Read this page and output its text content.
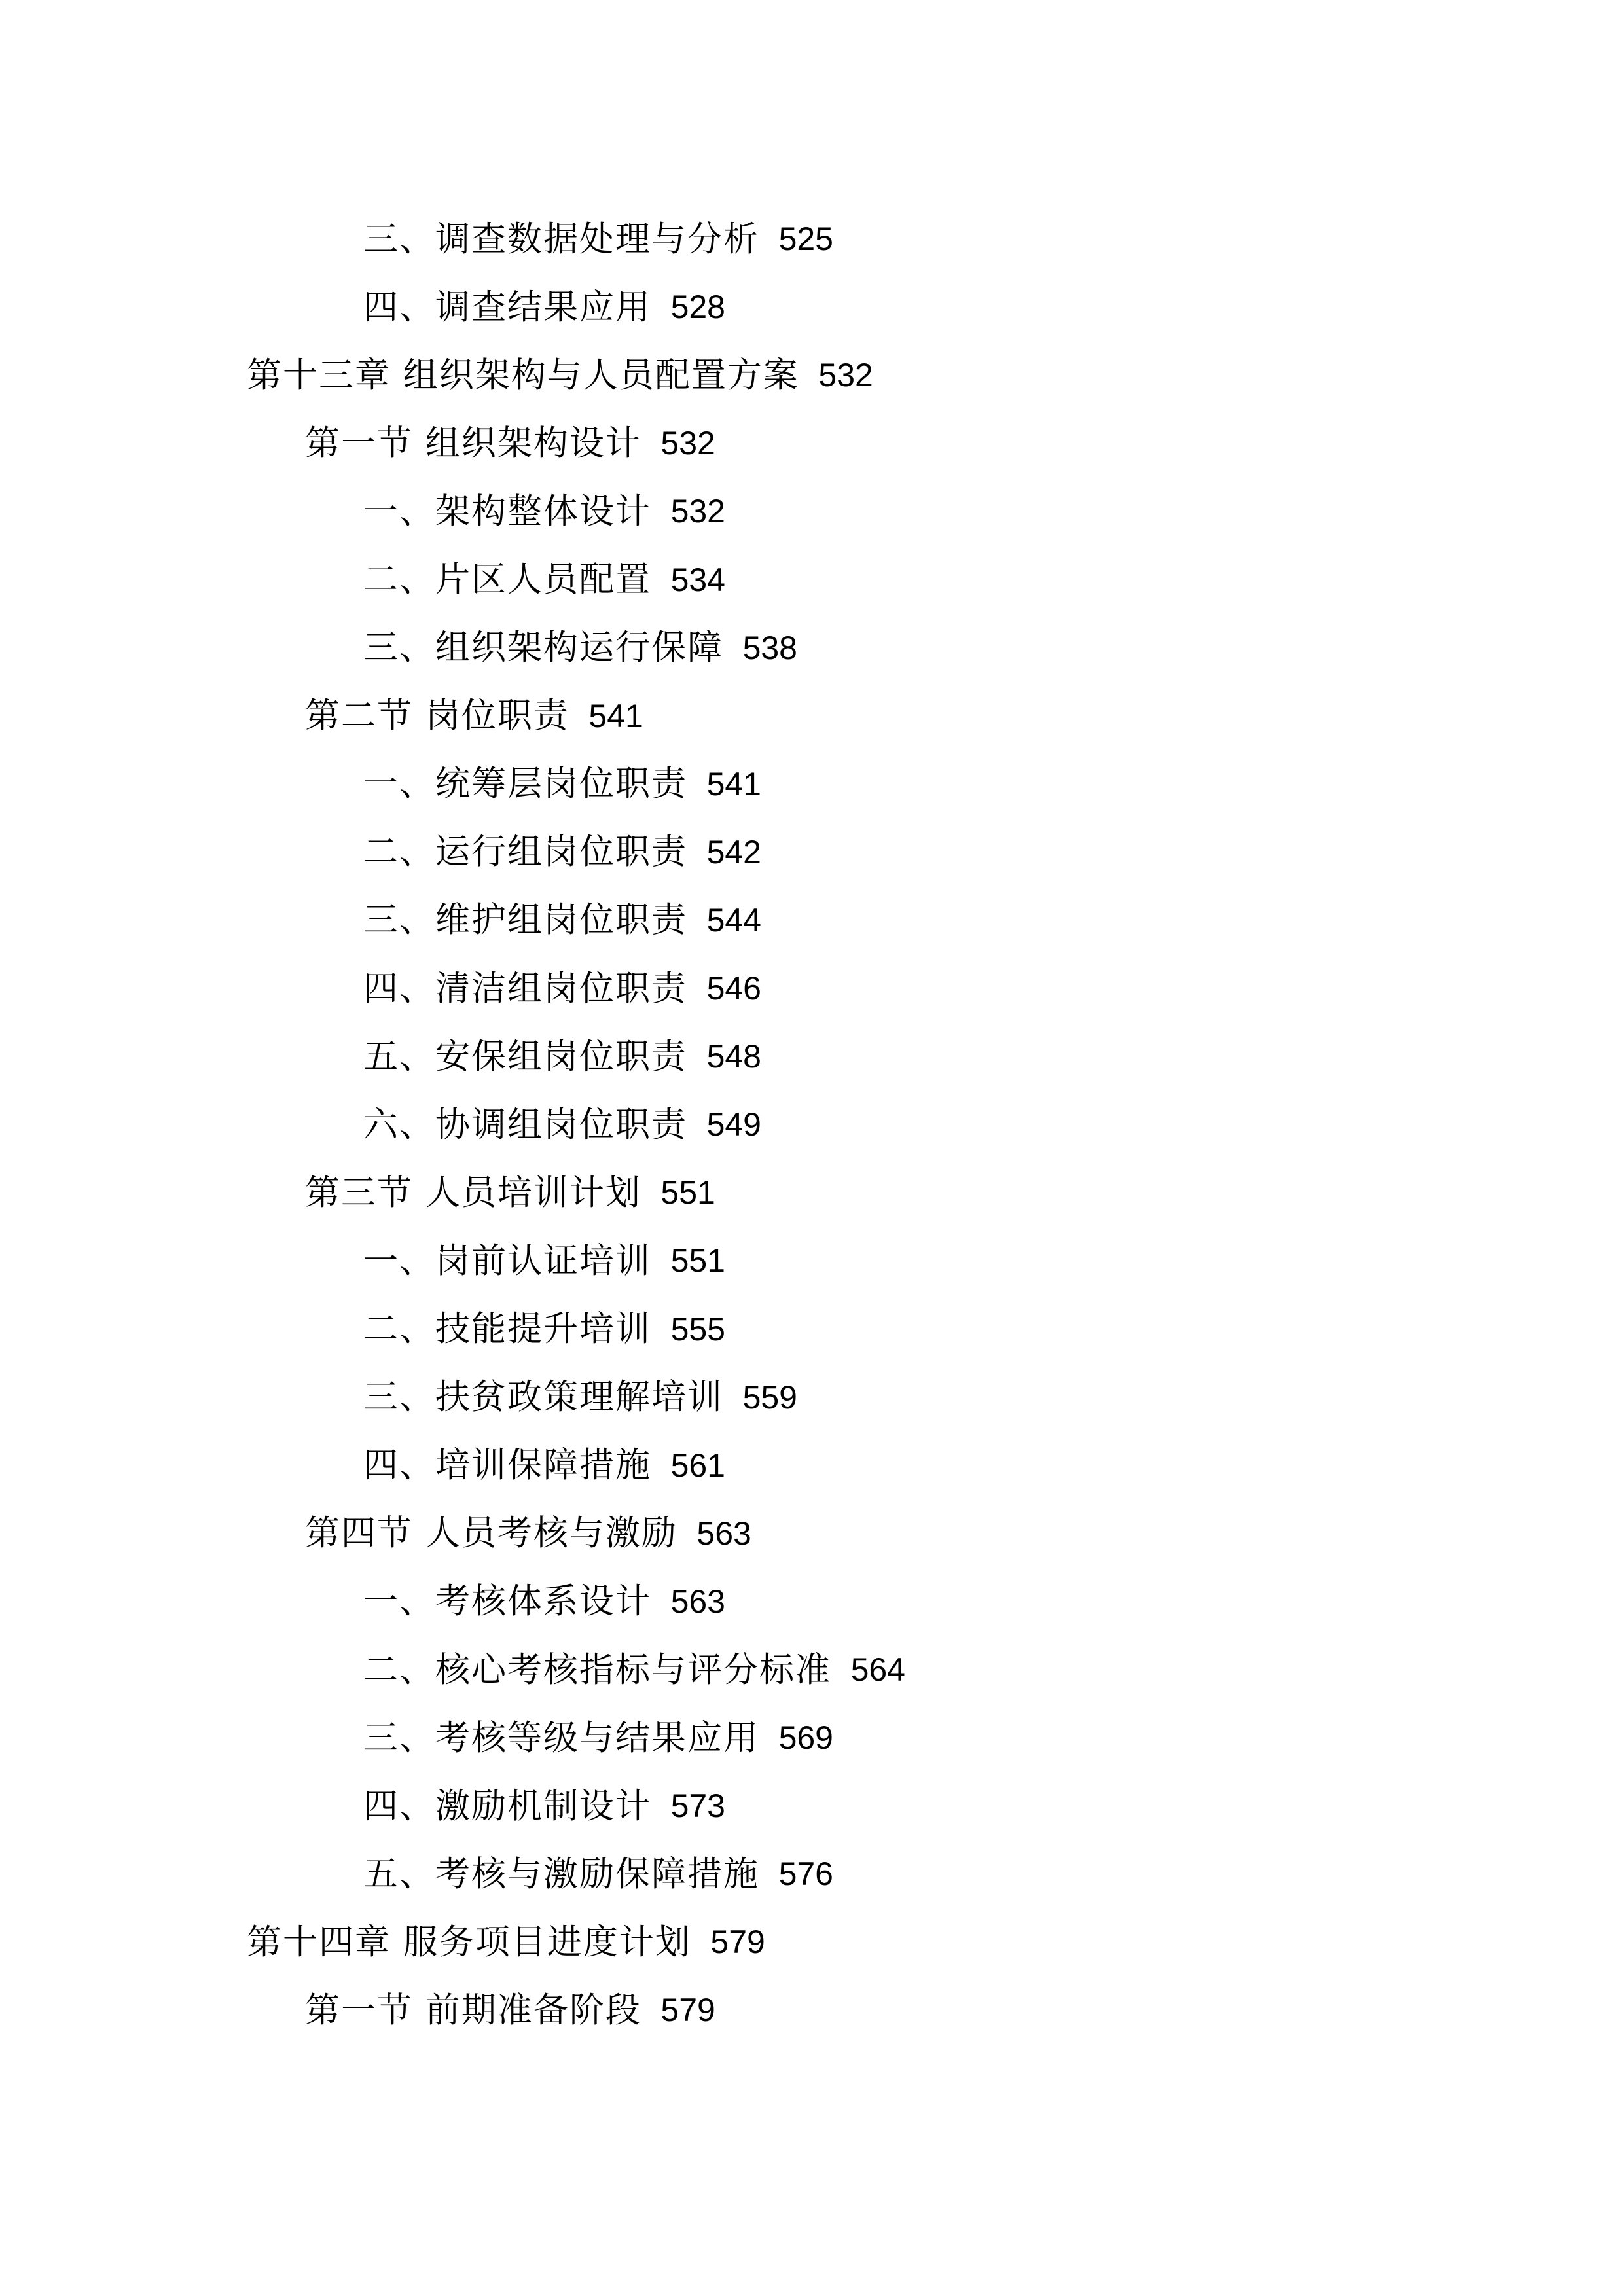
三、调查数据处理与分析 525
四、调查结果应用 528
第十三章 组织架构与人员配置方案 532
第一节 组织架构设计 532
一、架构整体设计 532
二、片区人员配置 534
三、组织架构运行保障 538
第二节 岗位职责 541
一、统筹层岗位职责 541
二、运行组岗位职责 542
三、维护组岗位职责 544
四、清洁组岗位职责 546
五、安保组岗位职责 548
六、协调组岗位职责 549
第三节 人员培训计划 551
一、岗前认证培训 551
二、技能提升培训 555
三、扶贫政策理解培训 559
四、培训保障措施 561
第四节 人员考核与激励 563
一、考核体系设计 563
二、核心考核指标与评分标准 564
三、考核等级与结果应用 569
四、激励机制设计 573
五、考核与激励保障措施 576
第十四章 服务项目进度计划 579
第一节 前期准备阶段 579
